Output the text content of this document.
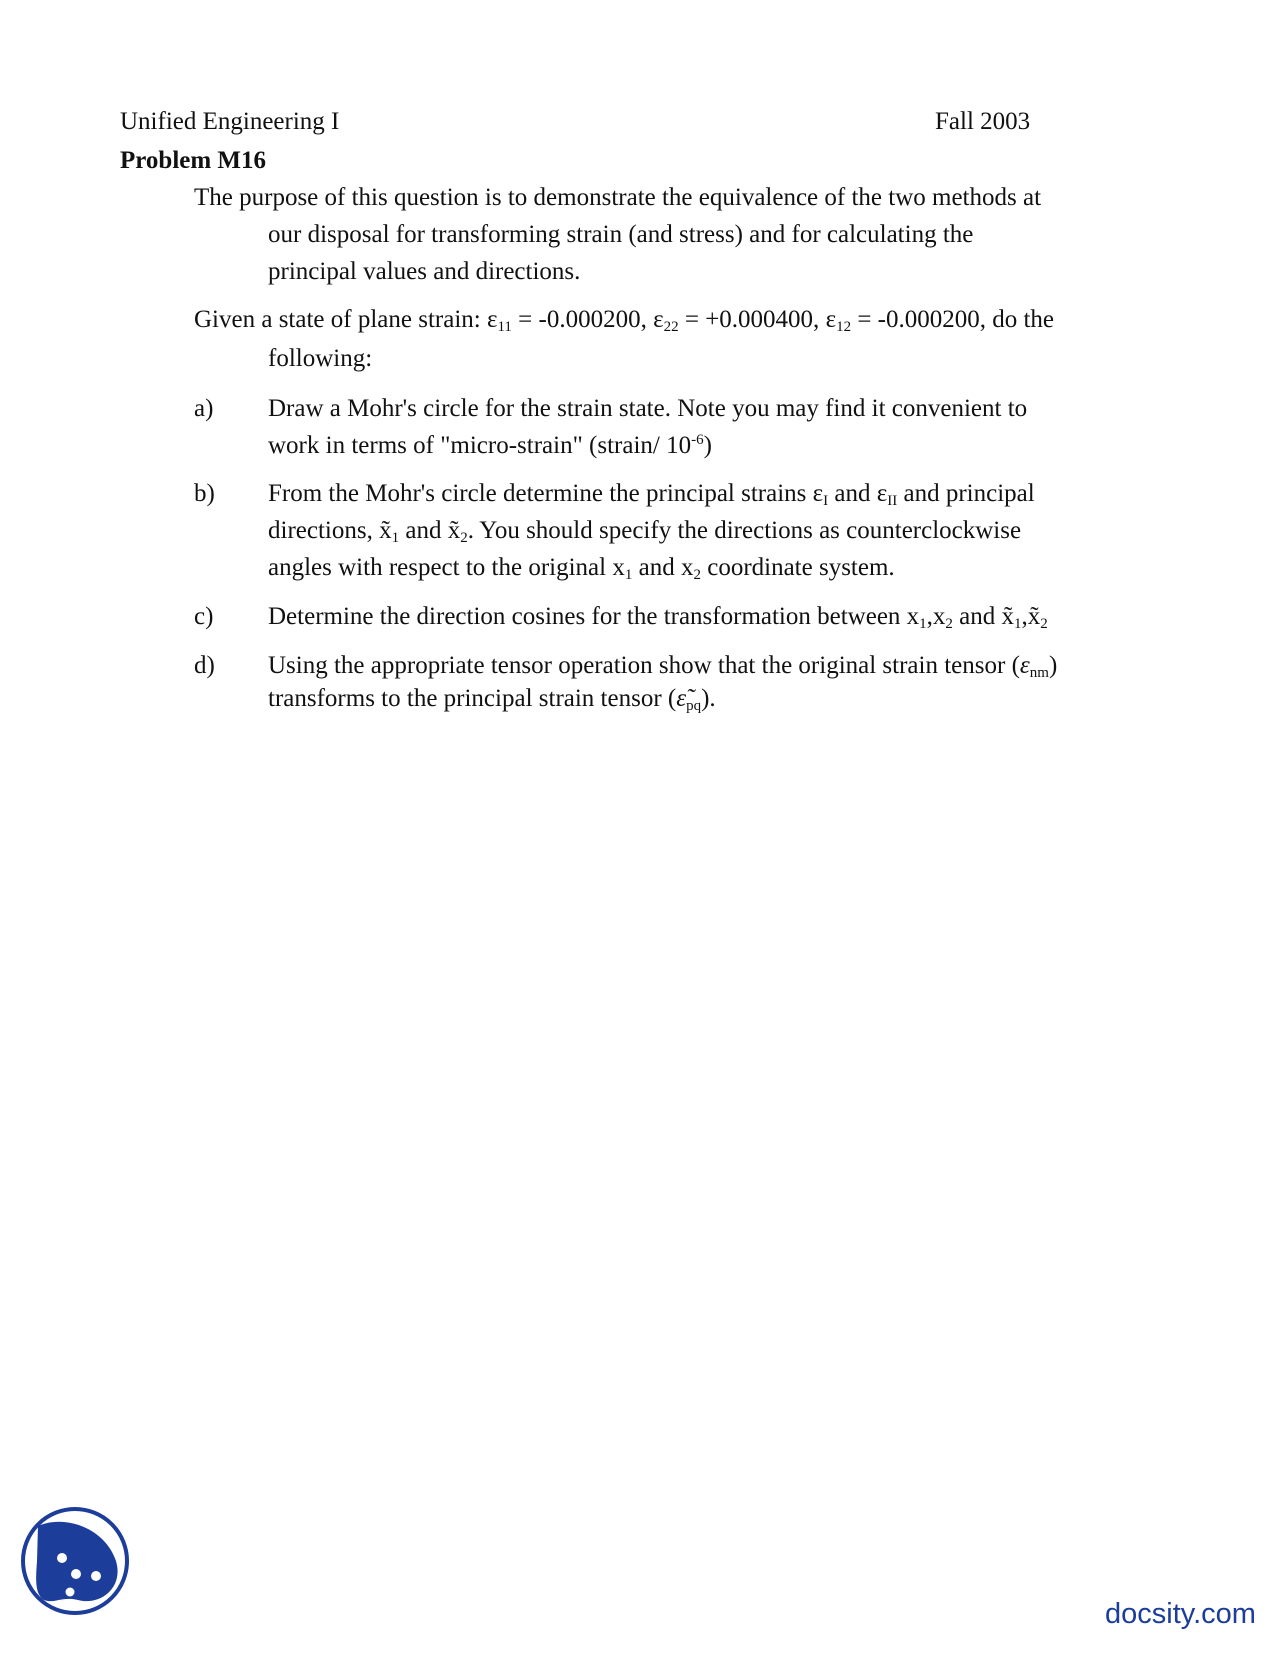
Unified Engineering I	Fall 2003
Problem M16
The purpose of this question is to demonstrate the equivalence of the two methods at
our disposal for transforming strain (and stress) and for calculating the
principal values and directions.
Given a state of plane strain: $\varepsilon_{11} = -0.000200$, $\varepsilon_{22} = +0.000400$, $\varepsilon_{12} = -0.000200$, do the
following:
a) Draw a Mohr's circle for the strain state. Note you may find it convenient to
work in terms of "micro-strain" (strain/ $10^{-6}$)
b) From the Mohr's circle determine the principal strains $\varepsilon_I$ and $\varepsilon_{II}$ and principal
directions, $x̃_1$ and $x̃_2$. You should specify the directions as counterclockwise
angles with respect to the original $x_1$ and $x_2$ coordinate system.
c) Determine the direction cosines for the transformation between $x_1,x_2$ and $x̃_1,x̃_2$
d) Using the appropriate tensor operation show that the original strain tensor $(\varepsilon_{nm})$
transforms to the principal strain tensor $(\varepsiloñ_{pq})$.
docsity.com
